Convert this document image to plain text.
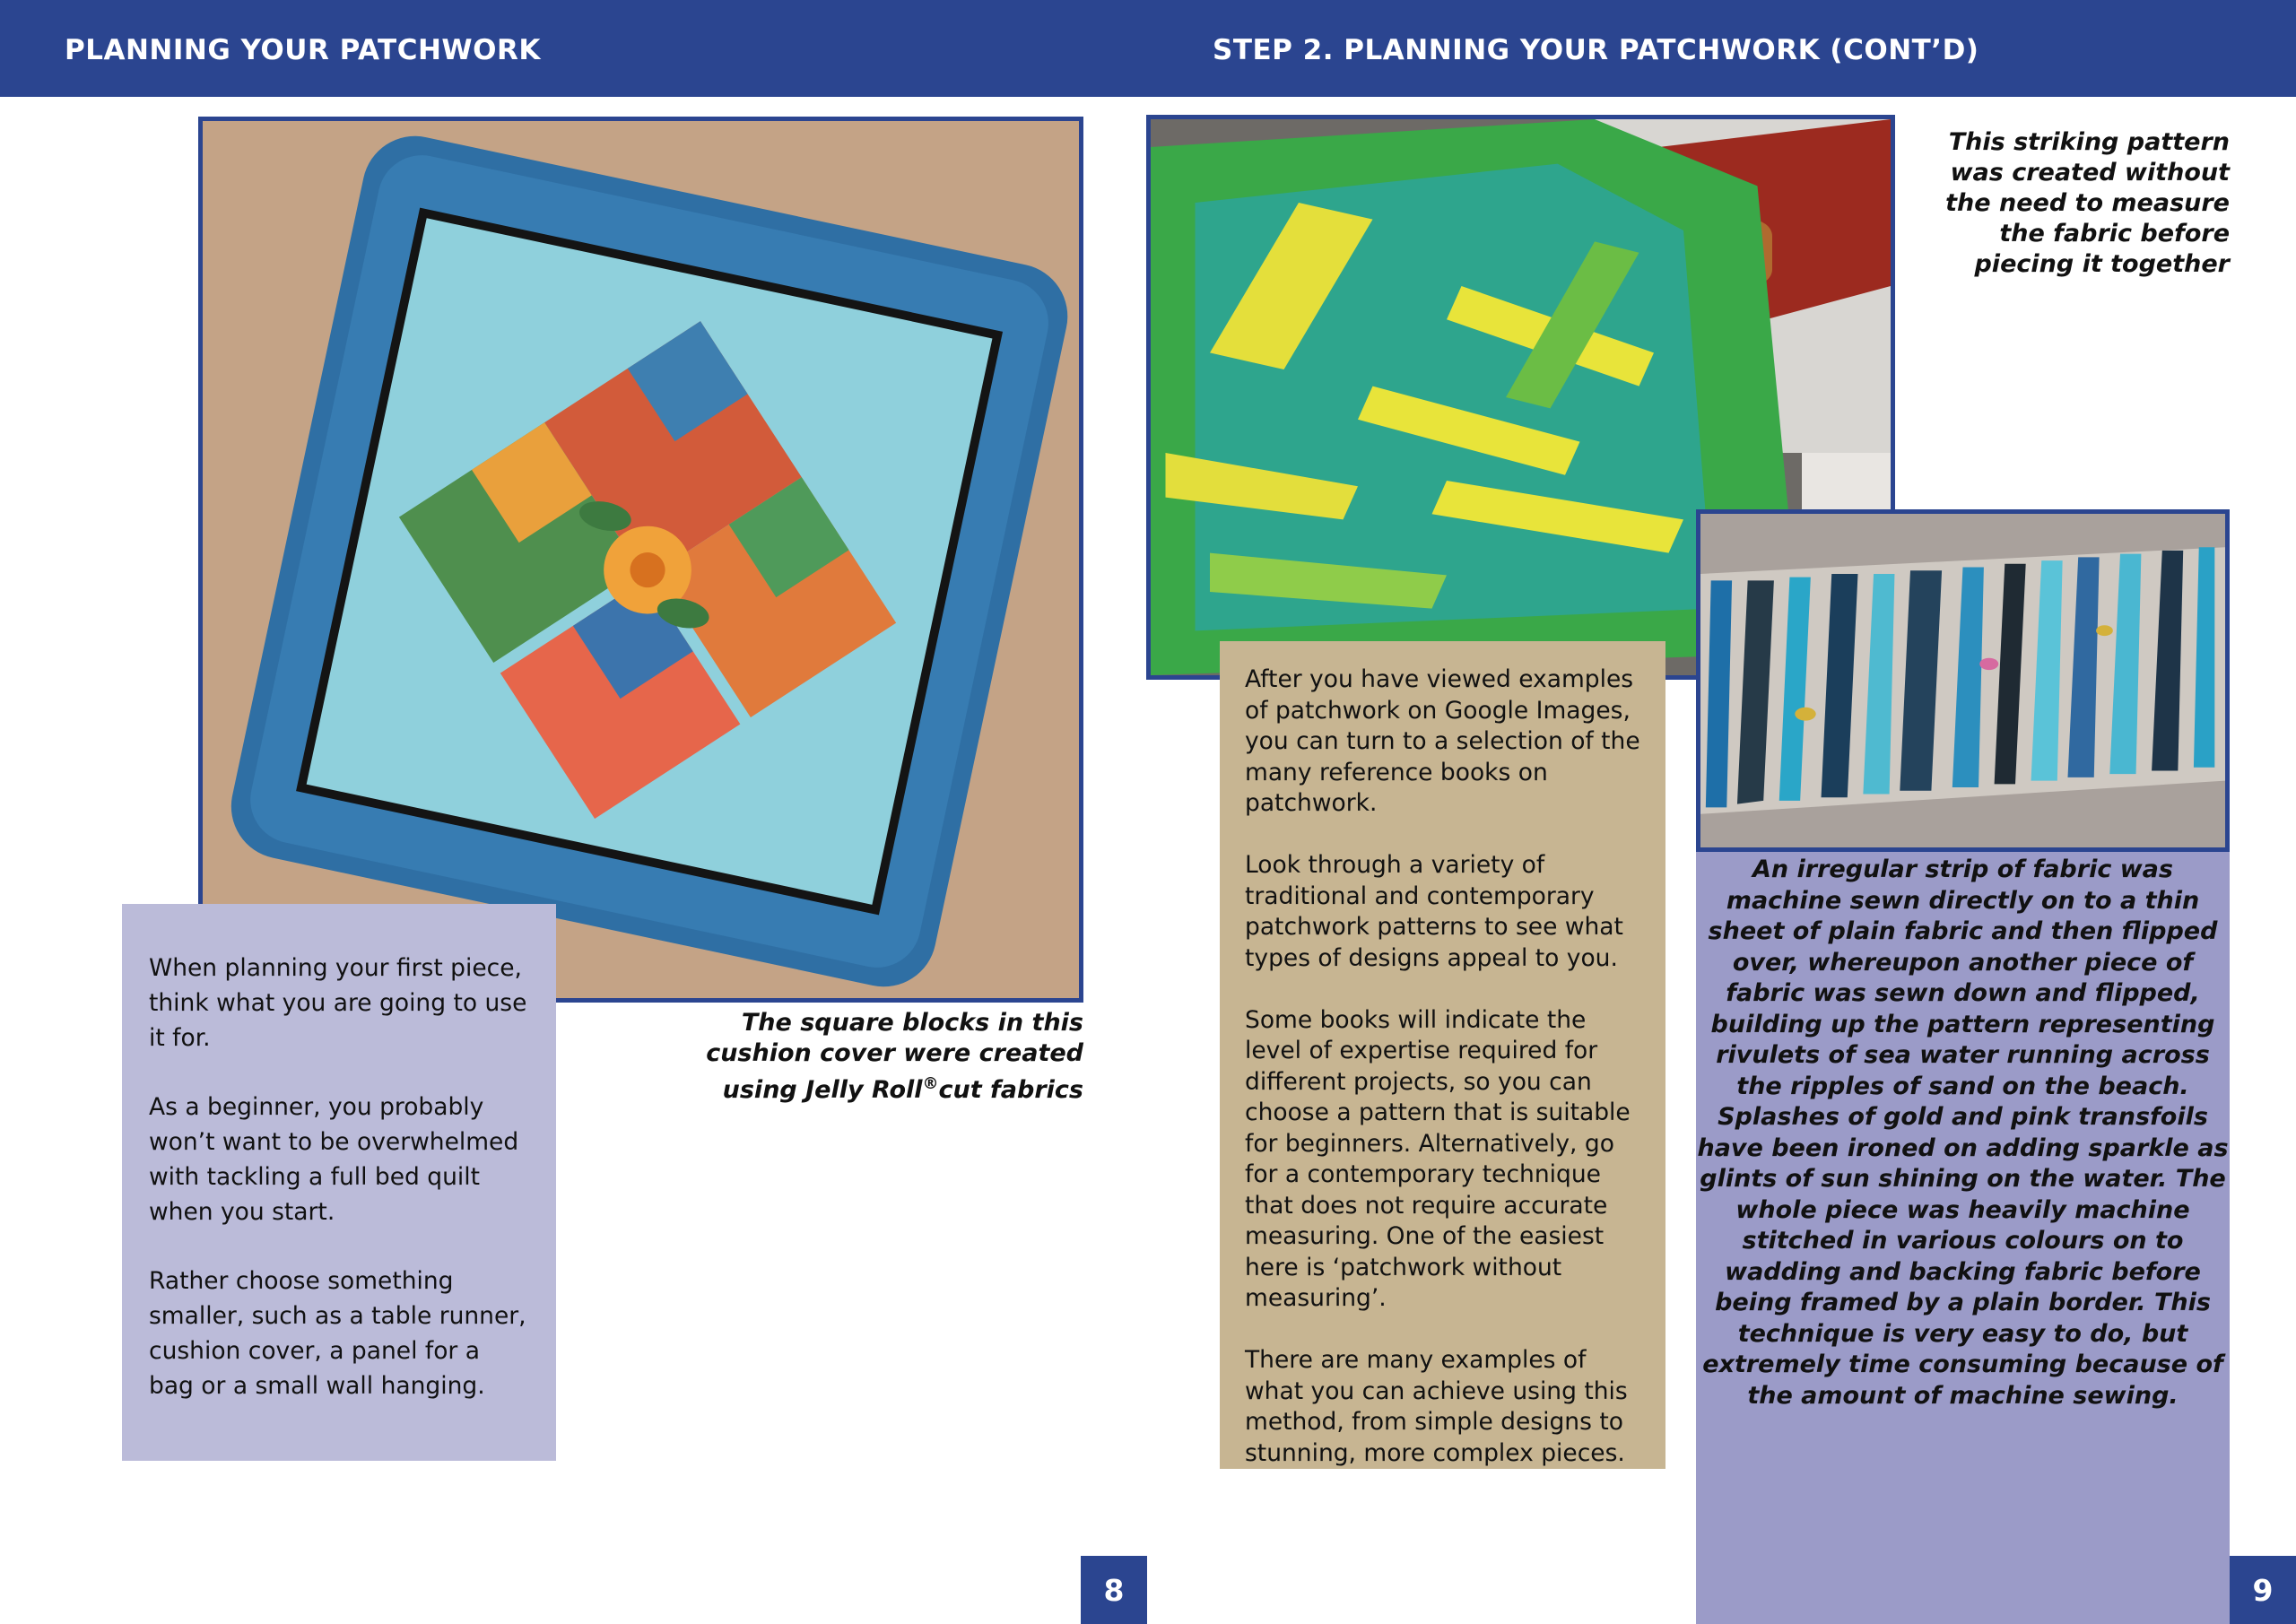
PLANNING YOUR PATCHWORK	STEP 2. PLANNING YOUR PATCHWORK (CONT’D)

When planning your first piece, think what you are going to use it for.

As a beginner, you probably won’t want to be overwhelmed with tackling a full bed quilt when you start.

Rather choose something smaller, such as a table runner, cushion cover, a panel for a bag or a small wall hanging.

The square blocks in this
cushion cover were created
using Jelly Roll®cut fabrics
8
This striking pattern was created without the need to measure the fabric before piecing it together

After you have viewed examples of patchwork on Google Images, you can turn to a selection of the many reference books on patchwork.

Look through a variety of traditional and contemporary patchwork patterns to see what types of designs appeal to you.

Some books will indicate the level of expertise required for different projects, so you can choose a pattern that is suitable for beginners. Alternatively, go for a contemporary technique that does not require accurate measuring. One of the easiest here is ‘patchwork without measuring’.

There are many examples of what you can achieve using this method, from simple designs to stunning, more complex pieces.

An irregular strip of fabric was machine sewn directly on to a thin sheet of plain fabric and then flipped over, whereupon another piece of fabric was sewn down and flipped, building up the pattern representing rivulets of sea water running across the ripples of sand on the beach. Splashes of gold and pink transfoils have been ironed on adding sparkle as glints of sun shining on the water. The whole piece was heavily machine stitched in various colours on to wadding and backing fabric before being framed by a plain border. This technique is very easy to do, but extremely time consuming because of the amount of machine sewing.
9
